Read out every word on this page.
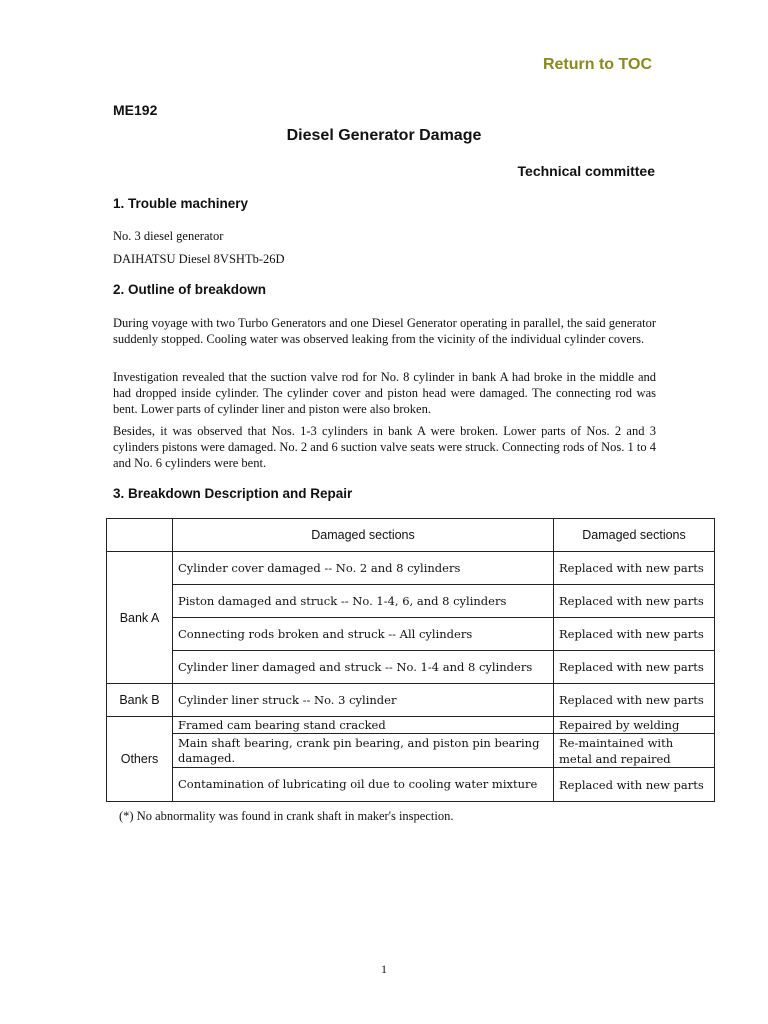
Return to TOC
ME192
Diesel Generator Damage
Technical committee
1. Trouble machinery
No. 3 diesel generator
DAIHATSU Diesel 8VSHTb-26D
2. Outline of breakdown
During voyage with two Turbo Generators and one Diesel Generator operating in parallel, the said generator suddenly stopped. Cooling water was observed leaking from the vicinity of the individual cylinder covers.
Investigation revealed that the suction valve rod for No. 8 cylinder in bank A had broke in the middle and had dropped inside cylinder. The cylinder cover and piston head were damaged. The connecting rod was bent. Lower parts of cylinder liner and piston were also broken.
Besides, it was observed that Nos. 1-3 cylinders in bank A were broken. Lower parts of Nos. 2 and 3 cylinders pistons were damaged. No. 2 and 6 suction valve seats were struck. Connecting rods of Nos. 1 to 4 and No. 6 cylinders were bent.
3. Breakdown Description and Repair
	Damaged sections	Damaged sections
Bank A	Cylinder cover damaged -- No. 2 and 8 cylinders	Replaced with new parts
	Piston damaged and struck -- No. 1-4, 6, and 8 cylinders	Replaced with new parts
	Connecting rods broken and struck -- All cylinders	Replaced with new parts
	Cylinder liner damaged and struck -- No. 1-4 and 8 cylinders	Replaced with new parts
Bank B	Cylinder liner struck -- No. 3 cylinder	Replaced with new parts
Others	Framed cam bearing stand cracked	Repaired by welding
	Main shaft bearing, crank pin bearing, and piston pin bearing damaged.	Re-maintained with metal and repaired
	Contamination of lubricating oil due to cooling water mixture	Replaced with new parts
(*) No abnormality was found in crank shaft in maker's inspection.
1
